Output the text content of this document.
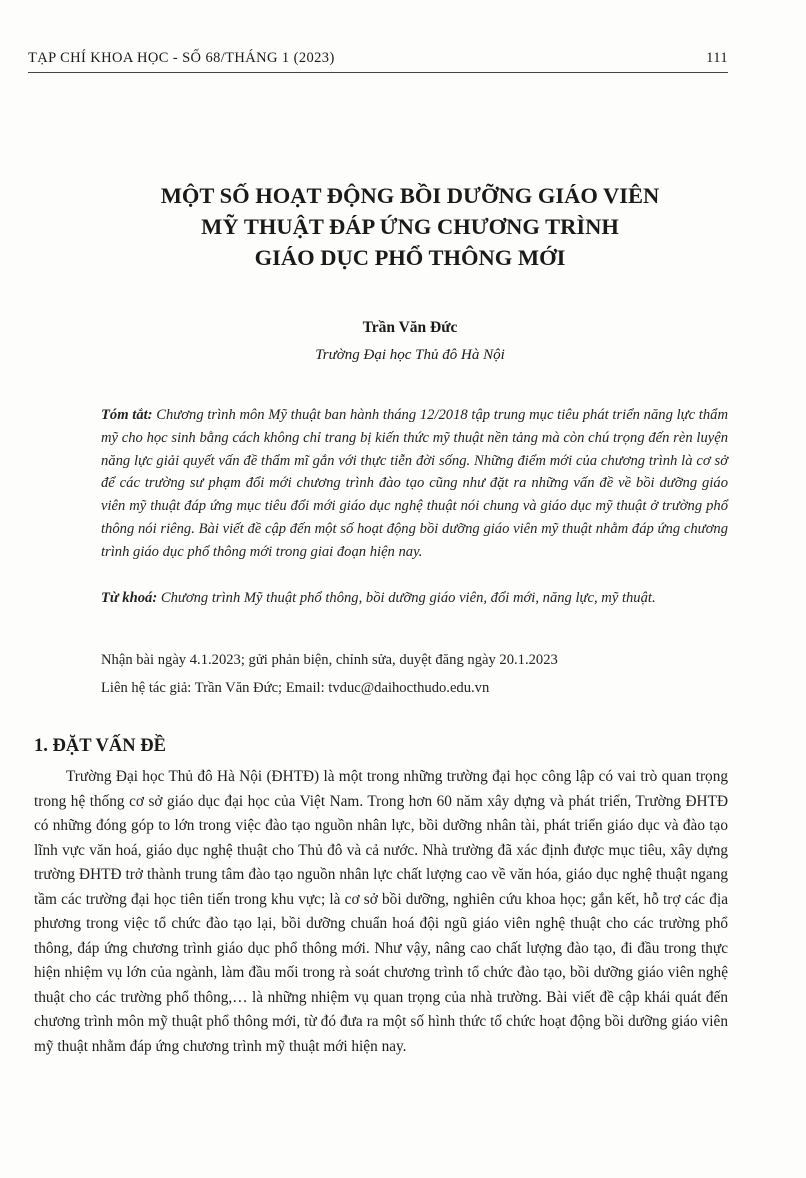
TẠP CHÍ KHOA HỌC - SỐ 68/THÁNG 1 (2023)	111
MỘT SỐ HOẠT ĐỘNG BỒI DƯỠNG GIÁO VIÊN
MỸ THUẬT ĐÁP ỨNG CHƯƠNG TRÌNH
GIÁO DỤC PHỔ THÔNG MỚI
Trần Văn Đức
Trường Đại học Thủ đô Hà Nội
Tóm tắt: Chương trình môn Mỹ thuật ban hành tháng 12/2018 tập trung mục tiêu phát triển năng lực thẩm mỹ cho học sinh bằng cách không chỉ trang bị kiến thức mỹ thuật nền tảng mà còn chú trọng đến rèn luyện năng lực giải quyết vấn đề thẩm mĩ gắn với thực tiễn đời sống. Những điểm mới của chương trình là cơ sở để các trường sư phạm đổi mới chương trình đào tạo cũng như đặt ra những vấn đề về bồi dưỡng giáo viên mỹ thuật đáp ứng mục tiêu đổi mới giáo dục nghệ thuật nói chung và giáo dục mỹ thuật ở trường phổ thông nói riêng. Bài viết đề cập đến một số hoạt động bồi dưỡng giáo viên mỹ thuật nhằm đáp ứng chương trình giáo dục phổ thông mới trong giai đoạn hiện nay.
Từ khoá: Chương trình Mỹ thuật phổ thông, bồi dưỡng giáo viên, đổi mới, năng lực, mỹ thuật.
Nhận bài ngày 4.1.2023; gửi phản biện, chỉnh sửa, duyệt đăng ngày 20.1.2023
Liên hệ tác giả: Trần Văn Đức; Email: tvduc@daihocthudo.edu.vn
1. ĐẶT VẤN ĐỀ
Trường Đại học Thủ đô Hà Nội (ĐHTĐ) là một trong những trường đại học công lập có vai trò quan trọng trong hệ thống cơ sở giáo dục đại học của Việt Nam. Trong hơn 60 năm xây dựng và phát triển, Trường ĐHTĐ có những đóng góp to lớn trong việc đào tạo nguồn nhân lực, bồi dưỡng nhân tài, phát triển giáo dục và đào tạo lĩnh vực văn hoá, giáo dục nghệ thuật cho Thủ đô và cả nước. Nhà trường đã xác định được mục tiêu, xây dựng trường ĐHTĐ trở thành trung tâm đào tạo nguồn nhân lực chất lượng cao về văn hóa, giáo dục nghệ thuật ngang tầm các trường đại học tiên tiến trong khu vực; là cơ sở bồi dưỡng, nghiên cứu khoa học; gắn kết, hỗ trợ các địa phương trong việc tổ chức đào tạo lại, bồi dưỡng chuẩn hoá đội ngũ giáo viên nghệ thuật cho các trường phổ thông, đáp ứng chương trình giáo dục phổ thông mới. Như vậy, nâng cao chất lượng đào tạo, đi đầu trong thực hiện nhiệm vụ lớn của ngành, làm đầu mối trong rà soát chương trình tổ chức đào tạo, bồi dưỡng giáo viên nghệ thuật cho các trường phổ thông,… là những nhiệm vụ quan trọng của nhà trường. Bài viết đề cập khái quát đến chương trình môn mỹ thuật phổ thông mới, từ đó đưa ra một số hình thức tổ chức hoạt động bồi dưỡng giáo viên mỹ thuật nhằm đáp ứng chương trình mỹ thuật mới hiện nay.
